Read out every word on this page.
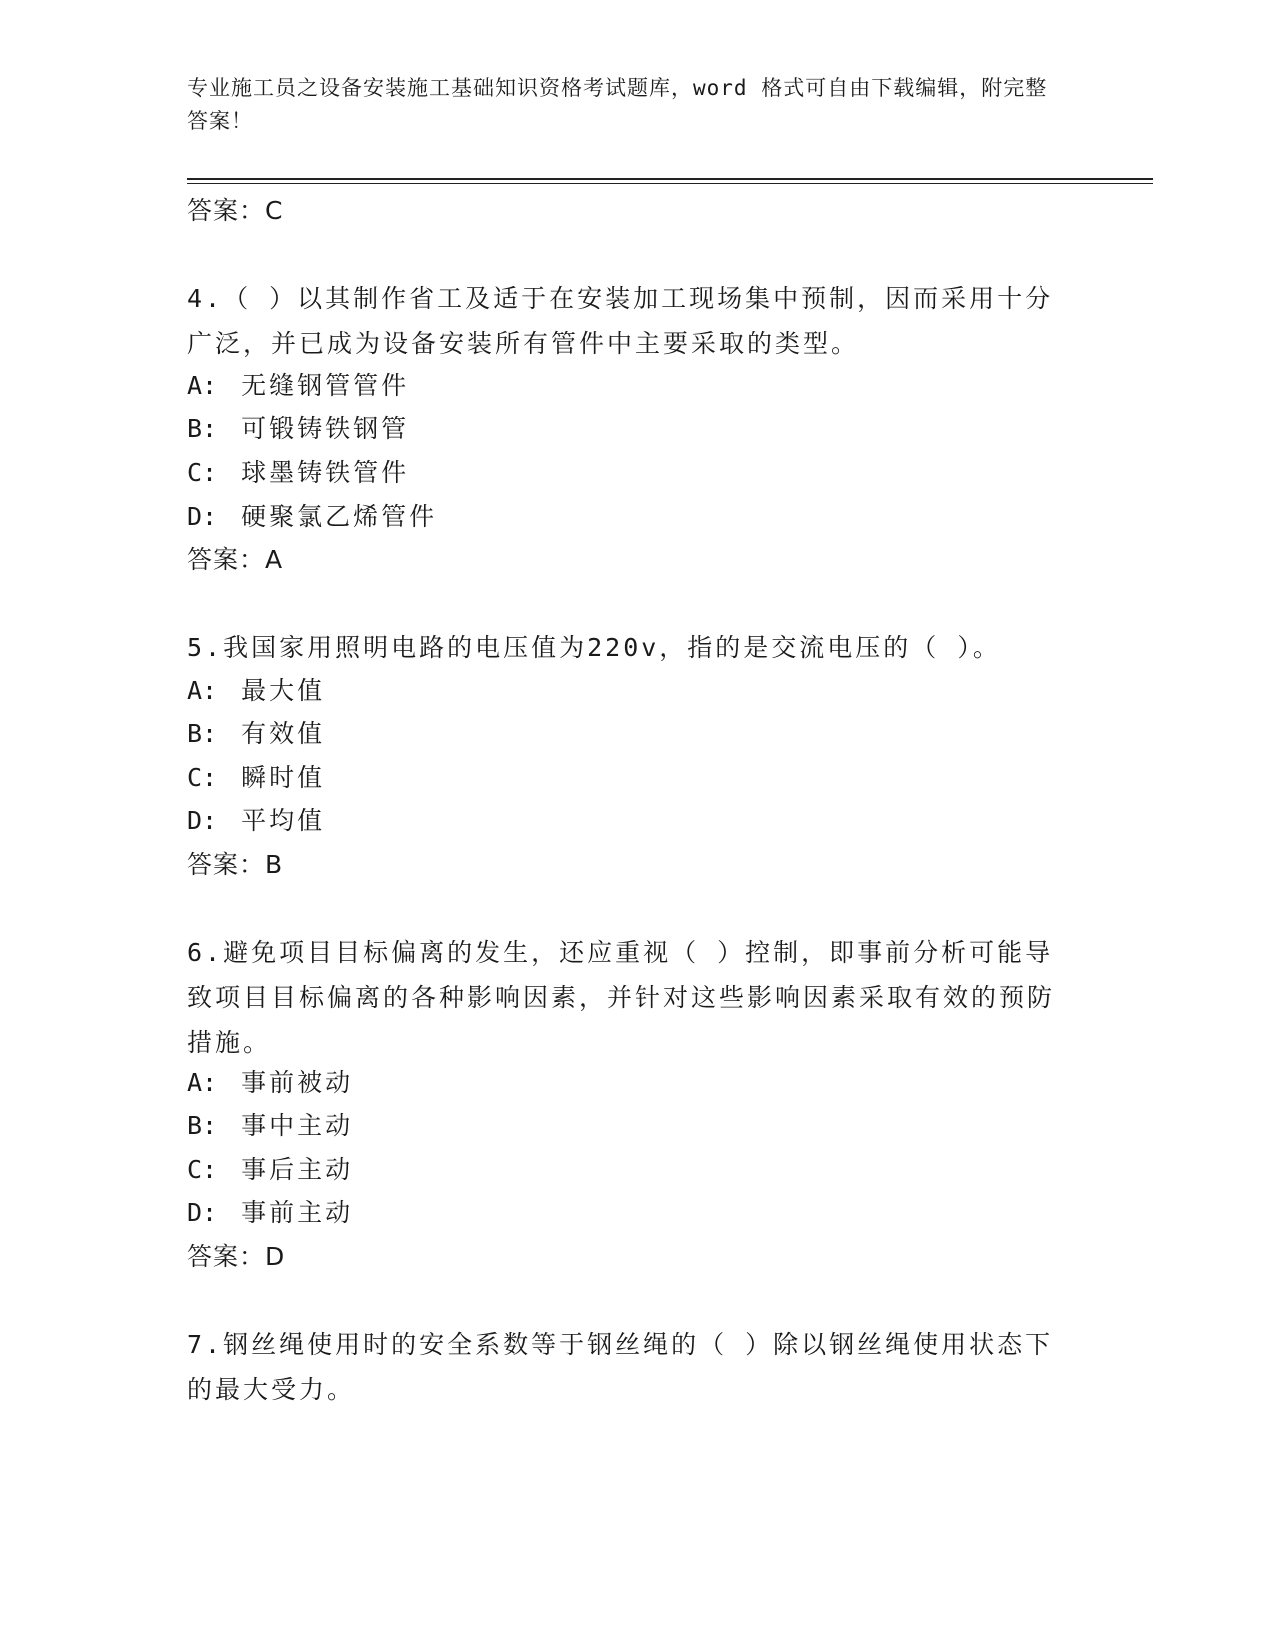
专业施工员之设备安装施工基础知识资格考试题库，word 格式可自由下载编辑，附完整答案！
答案：C
4.（ ）以其制作省工及适于在安装加工现场集中预制，因而采用十分广泛，并已成为设备安装所有管件中主要采取的类型。
A: 无缝钢管管件
B: 可锻铸铁钢管
C: 球墨铸铁管件
D: 硬聚氯乙烯管件
答案：A
5.我国家用照明电路的电压值为220v，指的是交流电压的（ ）。
A: 最大值
B: 有效值
C: 瞬时值
D: 平均值
答案：B
6.避免项目目标偏离的发生，还应重视（ ）控制，即事前分析可能导致项目目标偏离的各种影响因素，并针对这些影响因素采取有效的预防措施。
A: 事前被动
B: 事中主动
C: 事后主动
D: 事前主动
答案：D
7.钢丝绳使用时的安全系数等于钢丝绳的（ ）除以钢丝绳使用状态下的最大受力。
